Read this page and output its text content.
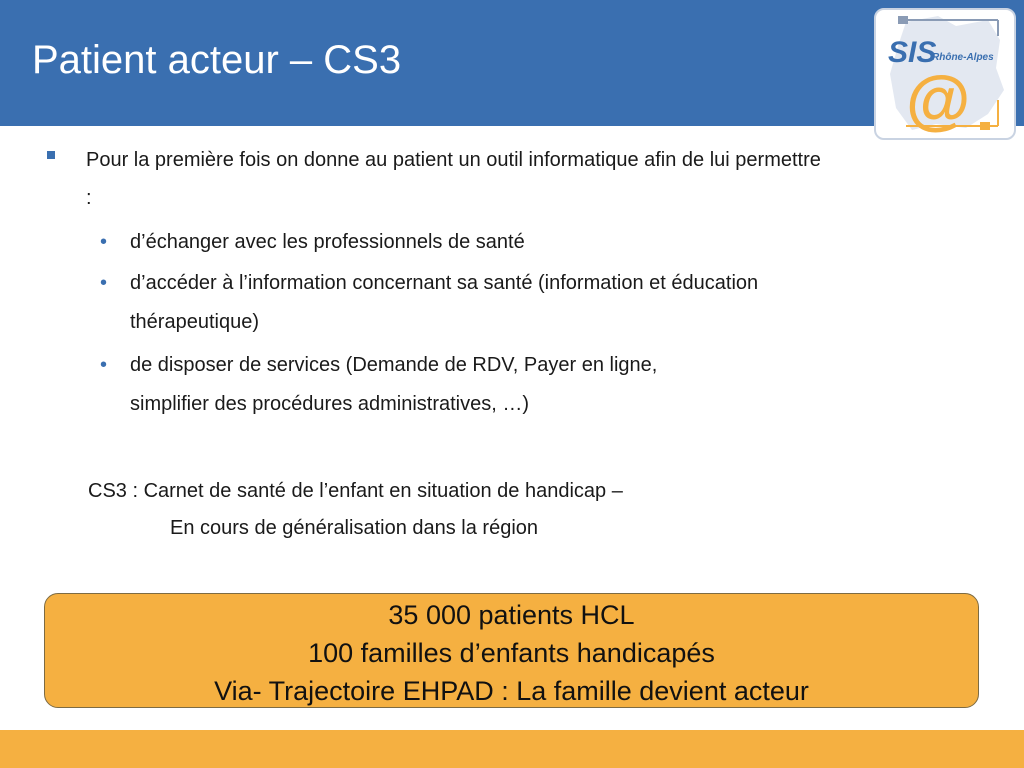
Patient acteur – CS3	SIS
Rhône-Alpes
@
Pour la première fois on donne au patient un outil informatique afin de lui permettre
:
• d’échanger avec les professionnels de santé
• d’accéder à l’information concernant sa santé (information et éducation
thérapeutique)
• de disposer de services (Demande de RDV, Payer en ligne,
simplifier des procédures administratives, …)
CS3 : Carnet de santé de l’enfant en situation de handicap –
En cours de généralisation dans la région
35 000 patients HCL
100 familles d’enfants handicapés
Via- Trajectoire EHPAD : La famille devient acteur
